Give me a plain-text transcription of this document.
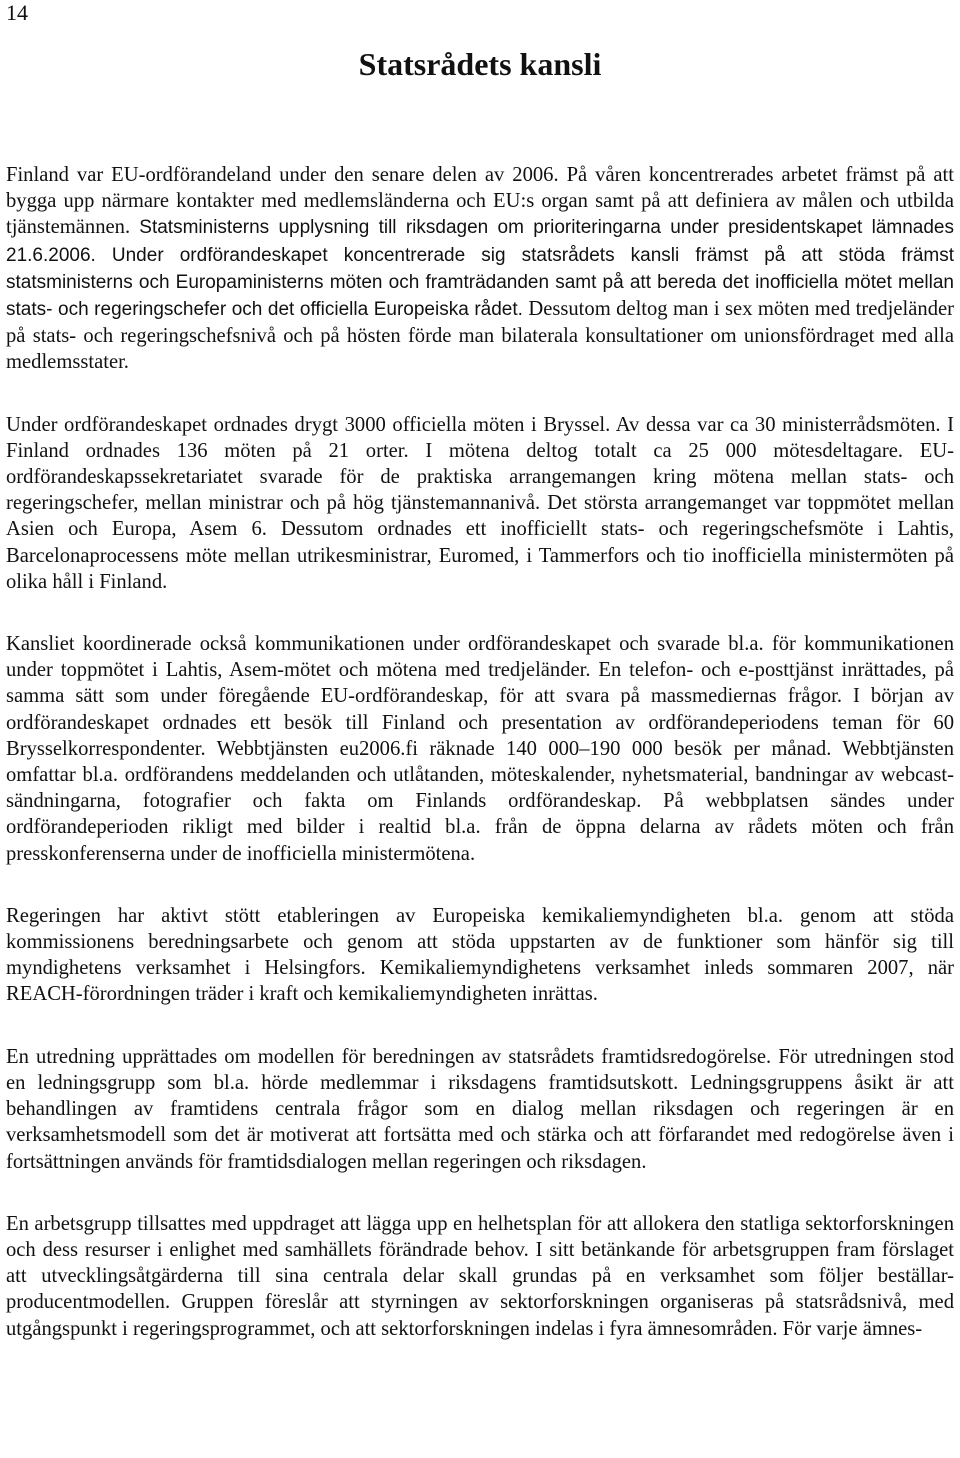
14
Statsrådets kansli

Finland var EU-ordförandeland under den senare delen av 2006. På våren koncentrerades arbetet främst på att bygga upp närmare kontakter med medlemsländerna och EU:s organ samt på att definiera av målen och utbilda tjänstemännen. Statsministerns upplysning till riksdagen om prioriteringarna under presidentskapet lämnades 21.6.2006. Under ordförandeskapet koncentrerade sig statsrådets kansli främst på att stöda främst statsministerns och Europaministerns möten och framträdanden samt på att bereda det inofficiella mötet mellan stats- och regeringschefer och det officiella Europeiska rådet. Dessutom deltog man i sex möten med tredjeländer på stats- och regeringschefsnivå och på hösten förde man bilaterala konsultationer om unionsfördraget med alla medlemsstater.

Under ordförandeskapet ordnades drygt 3000 officiella möten i Bryssel. Av dessa var ca 30 ministerrådsmöten. I Finland ordnades 136 möten på 21 orter. I mötena deltog totalt ca 25 000 mötesdeltagare. EU-ordförandeskapssekretariatet svarade för de praktiska arrangemangen kring mötena mellan stats- och regeringschefer, mellan ministrar och på hög tjänstemannanivå. Det största arrangemanget var toppmötet mellan Asien och Europa, Asem 6. Dessutom ordnades ett inofficiellt stats- och regeringschefsmöte i Lahtis, Barcelonaprocessens möte mellan utrikesministrar, Euromed, i Tammerfors och tio inofficiella ministermöten på olika håll i Finland.

Kansliet koordinerade också kommunikationen under ordförandeskapet och svarade bl.a. för kommunikationen under toppmötet i Lahtis, Asem-mötet och mötena med tredjeländer. En telefon- och e-posttjänst inrättades, på samma sätt som under föregående EU-ordförandeskap, för att svara på massmediernas frågor. I början av ordförandeskapet ordnades ett besök till Finland och presentation av ordförandeperiodens teman för 60 Brysselkorrespondenter. Webbtjänsten eu2006.fi räknade 140 000–190 000 besök per månad. Webbtjänsten omfattar bl.a. ordförandens meddelanden och utlåtanden, möteskalender, nyhetsmaterial, bandningar av webcast-sändningarna, fotografier och fakta om Finlands ordförandeskap. På webbplatsen sändes under ordförandeperioden rikligt med bilder i realtid bl.a. från de öppna delarna av rådets möten och från presskonferenserna under de inofficiella ministermötena.

Regeringen har aktivt stött etableringen av Europeiska kemikaliemyndigheten bl.a. genom att stöda kommissionens beredningsarbete och genom att stöda uppstarten av de funktioner som hänför sig till myndighetens verksamhet i Helsingfors. Kemikaliemyndighetens verksamhet inleds sommaren 2007, när REACH-förordningen träder i kraft och kemikaliemyndigheten inrättas.

En utredning upprättades om modellen för beredningen av statsrådets framtidsredogörelse. För utredningen stod en ledningsgrupp som bl.a. hörde medlemmar i riksdagens framtidsutskott. Ledningsgruppens åsikt är att behandlingen av framtidens centrala frågor som en dialog mellan riksdagen och regeringen är en verksamhetsmodell som det är motiverat att fortsätta med och stärka och att förfarandet med redogörelse även i fortsättningen används för framtidsdialogen mellan regeringen och riksdagen.

En arbetsgrupp tillsattes med uppdraget att lägga upp en helhetsplan för att allokera den statliga sektorforskningen och dess resurser i enlighet med samhällets förändrade behov. I sitt betänkande för arbetsgruppen fram förslaget att utvecklingsåtgärderna till sina centrala delar skall grundas på en verksamhet som följer beställar-producentmodellen. Gruppen föreslår att styrningen av sektorforskningen organiseras på statsrådsnivå, med utgångspunkt i regeringsprogrammet, och att sektorforskningen indelas i fyra ämnesområden. För varje ämnes-
